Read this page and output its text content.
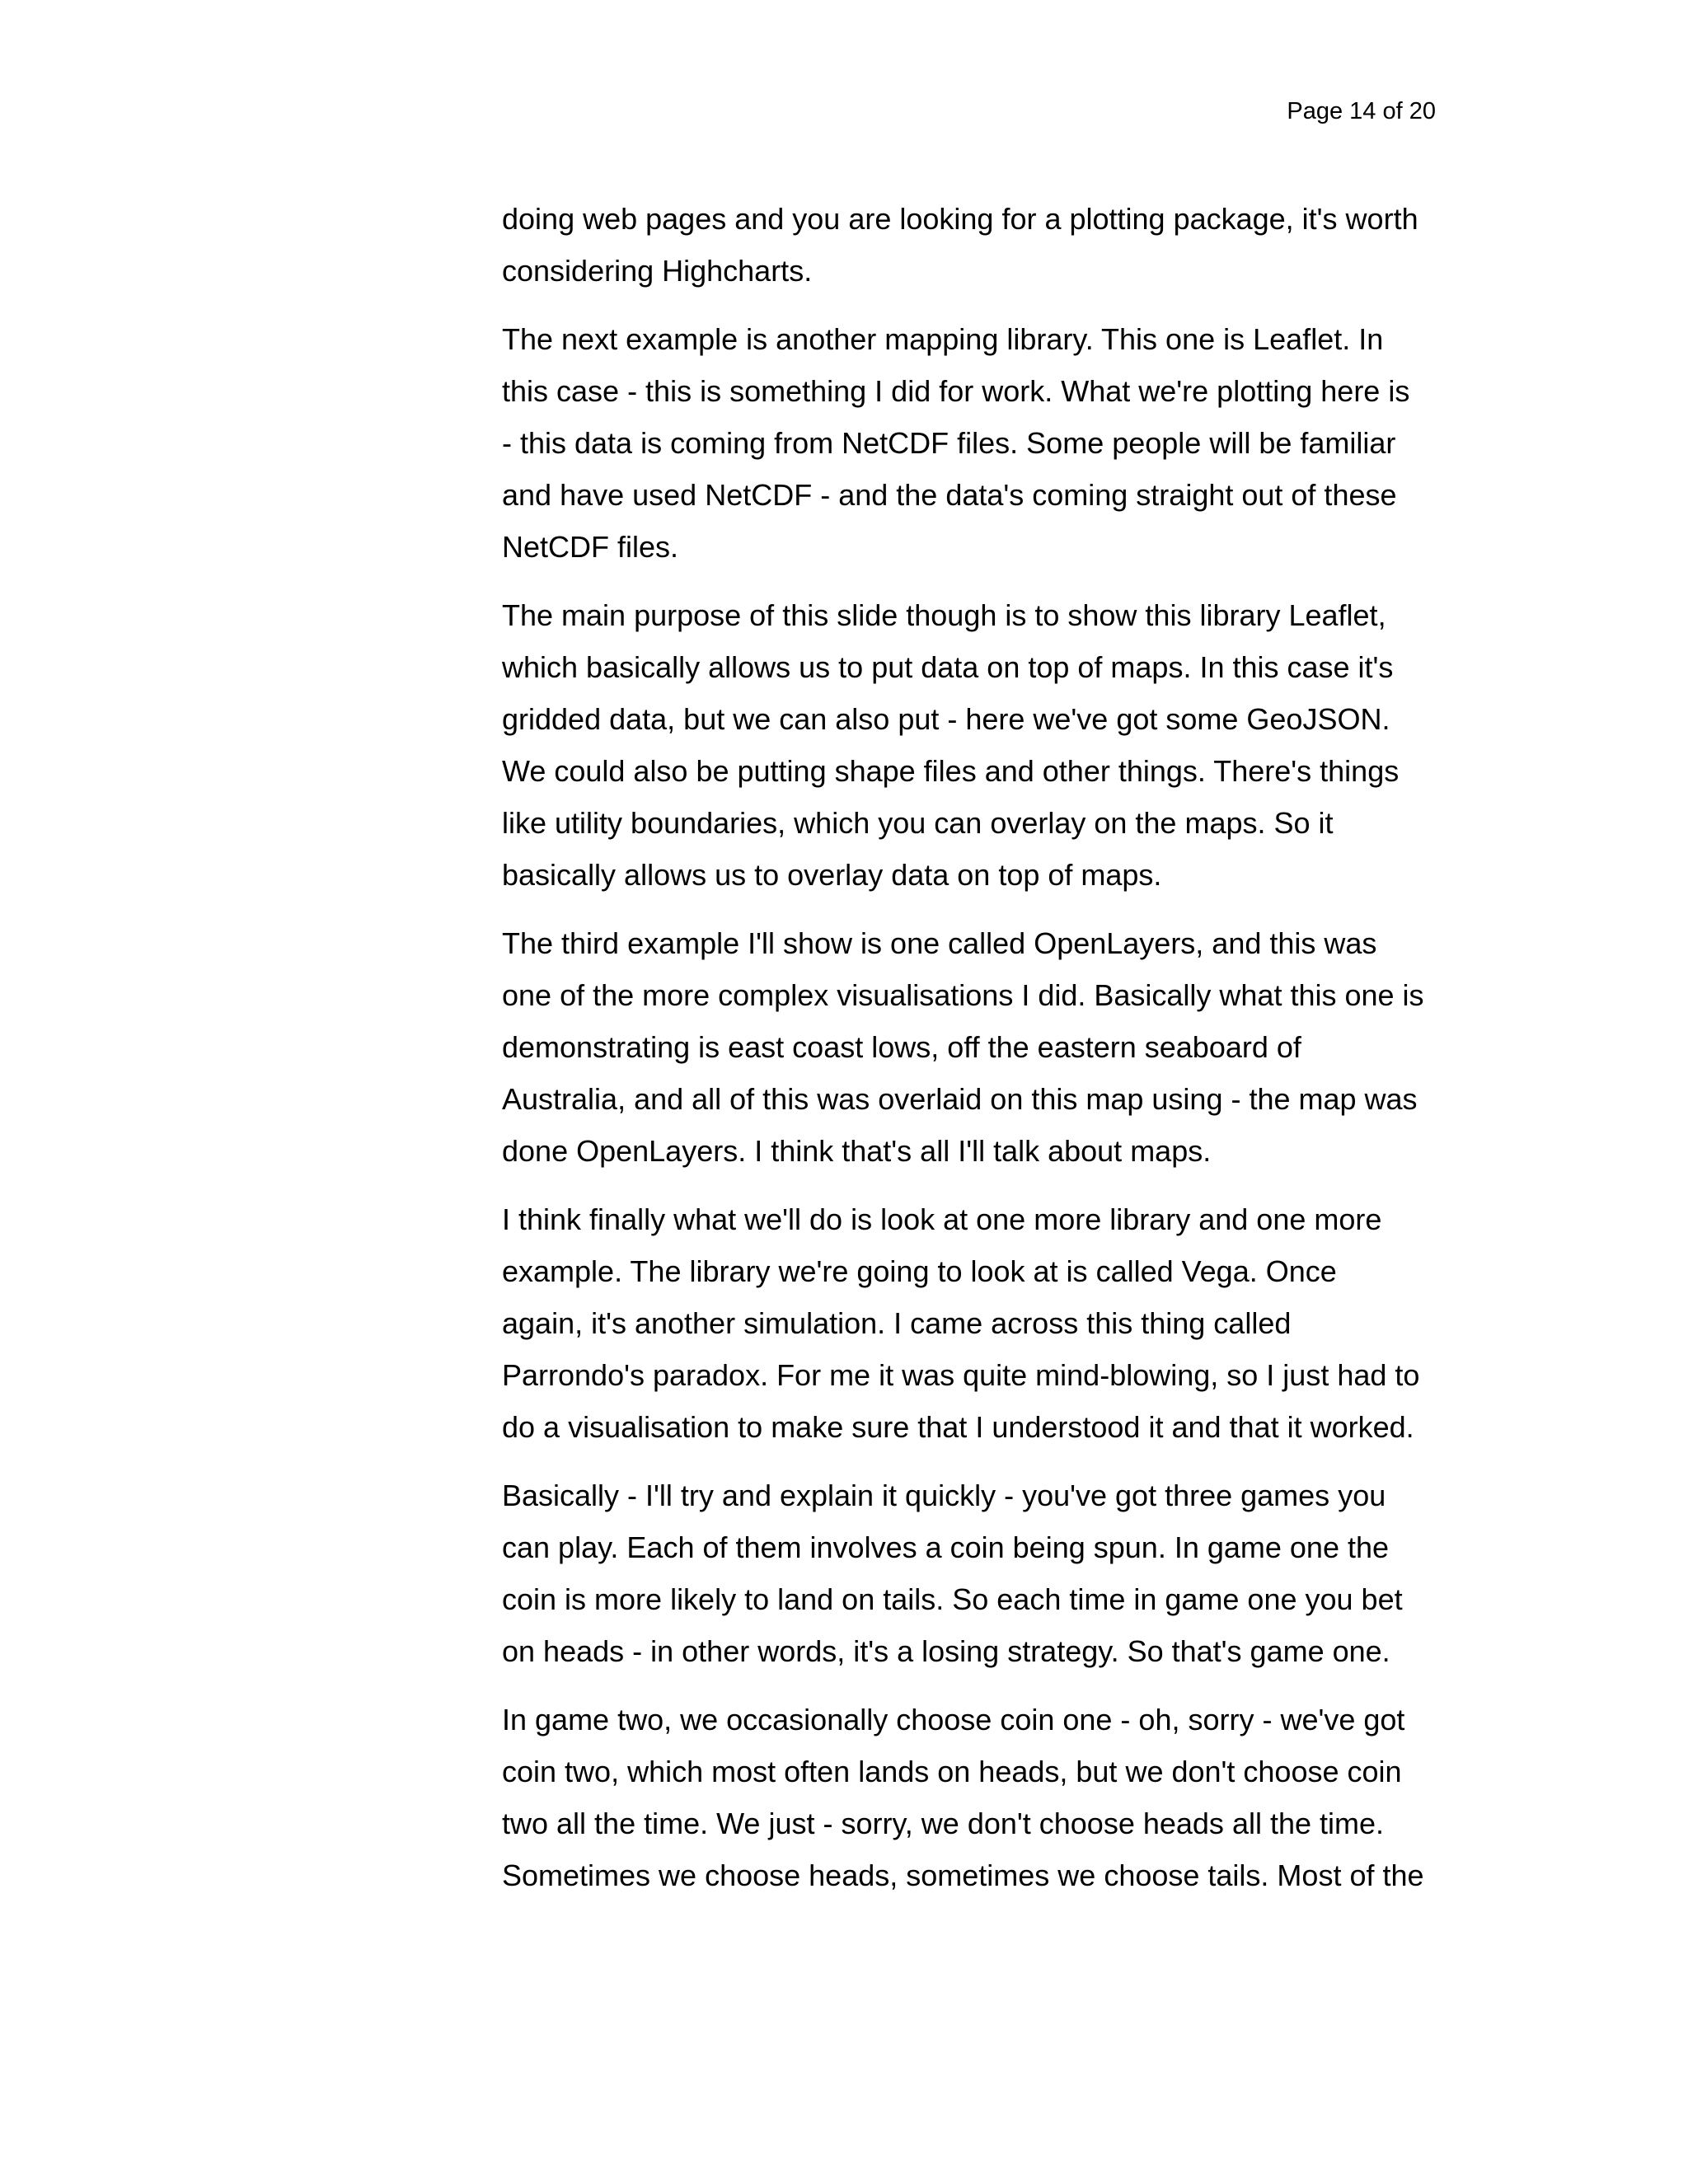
Page 14 of 20

doing web pages and you are looking for a plotting package, it's worth
considering Highcharts.

The next example is another mapping library. This one is Leaflet. In
this case - this is something I did for work. What we're plotting here is
- this data is coming from NetCDF files. Some people will be familiar
and have used NetCDF - and the data's coming straight out of these
NetCDF files.

The main purpose of this slide though is to show this library Leaflet,
which basically allows us to put data on top of maps. In this case it's
gridded data, but we can also put - here we've got some GeoJSON.
We could also be putting shape files and other things. There's things
like utility boundaries, which you can overlay on the maps. So it
basically allows us to overlay data on top of maps.

The third example I'll show is one called OpenLayers, and this was
one of the more complex visualisations I did. Basically what this one is
demonstrating is east coast lows, off the eastern seaboard of
Australia, and all of this was overlaid on this map using - the map was
done OpenLayers. I think that's all I'll talk about maps.

I think finally what we'll do is look at one more library and one more
example. The library we're going to look at is called Vega. Once
again, it's another simulation. I came across this thing called
Parrondo's paradox. For me it was quite mind-blowing, so I just had to
do a visualisation to make sure that I understood it and that it worked.

Basically - I'll try and explain it quickly - you've got three games you
can play. Each of them involves a coin being spun. In game one the
coin is more likely to land on tails. So each time in game one you bet
on heads - in other words, it's a losing strategy. So that's game one.

In game two, we occasionally choose coin one - oh, sorry - we've got
coin two, which most often lands on heads, but we don't choose coin
two all the time. We just - sorry, we don't choose heads all the time.
Sometimes we choose heads, sometimes we choose tails. Most of the
